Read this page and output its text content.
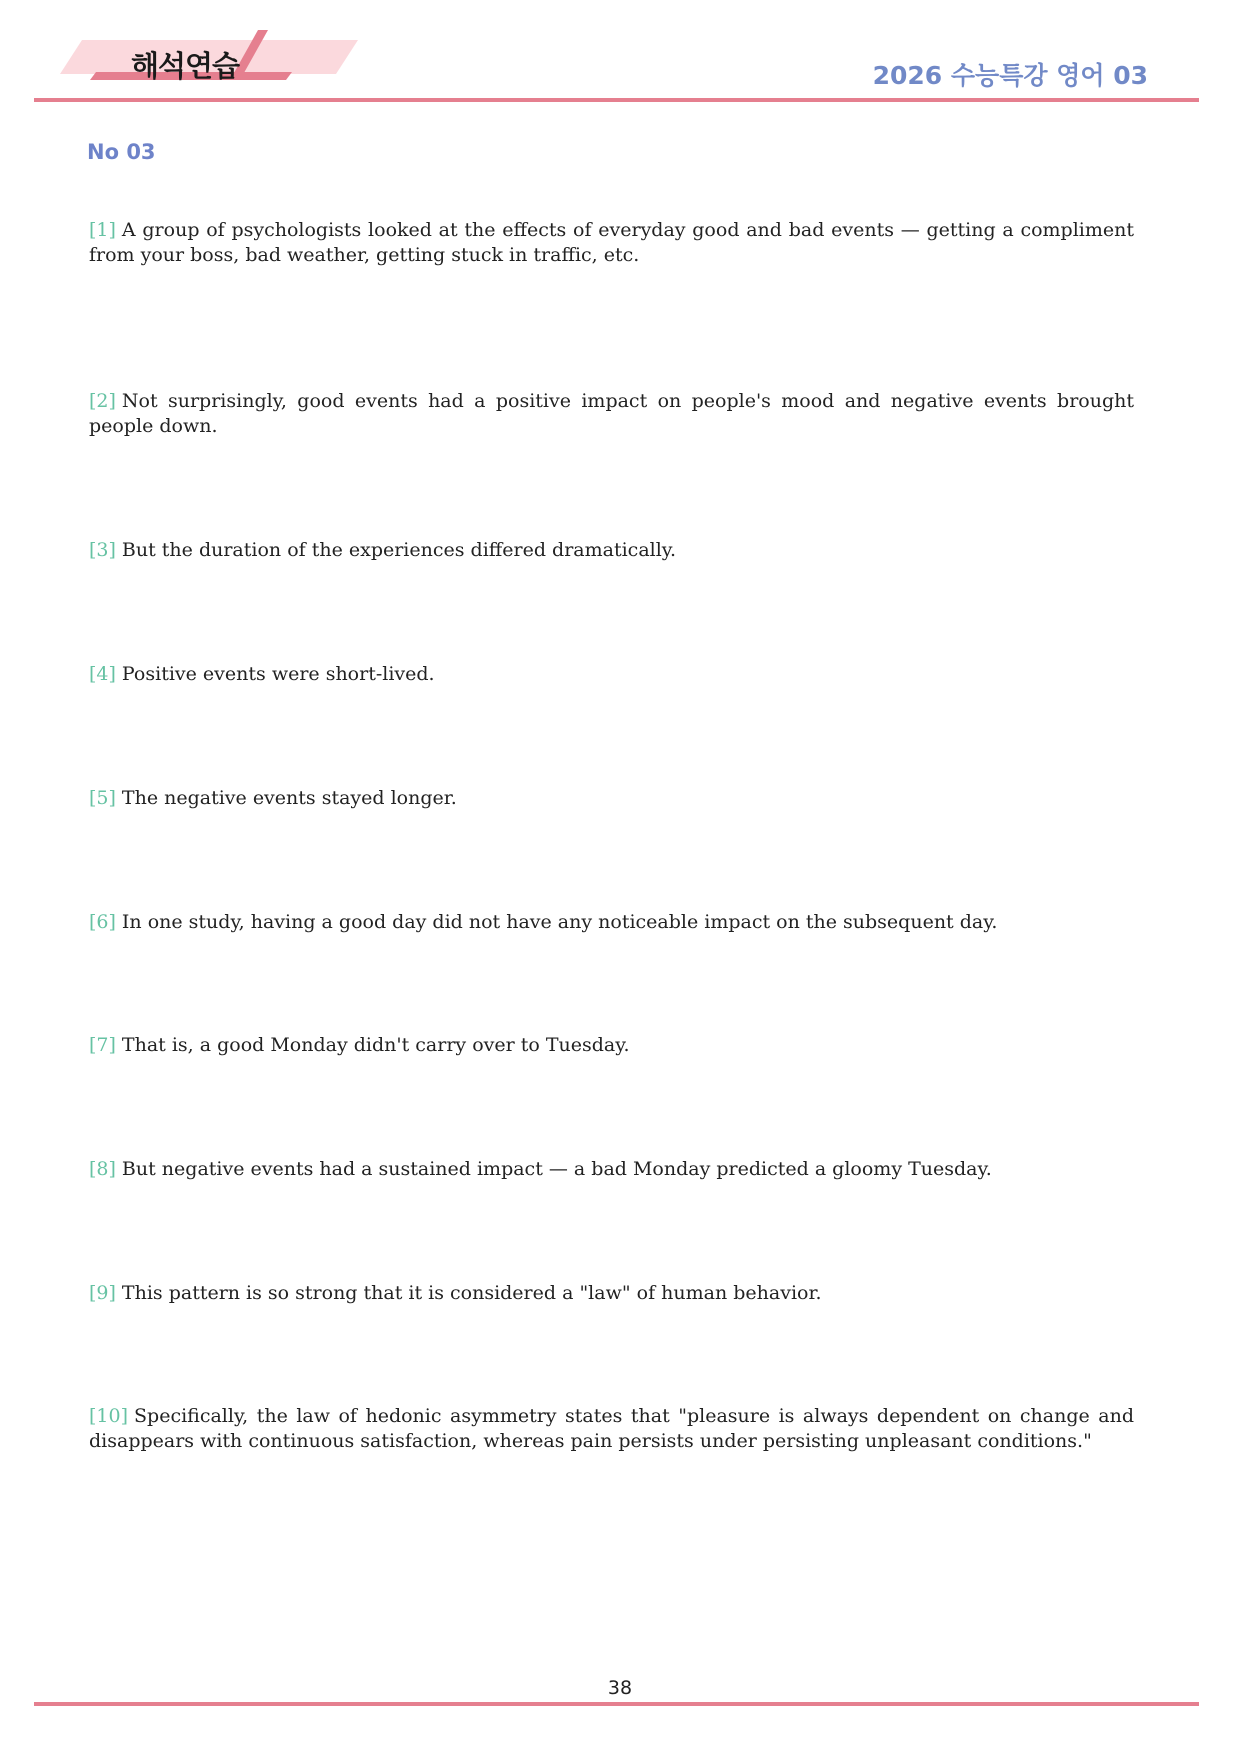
해석연습	2026 수능특강 영어 03
No 03
[1] A group of psychologists looked at the effects of everyday good and bad events — getting a compliment from your boss, bad weather, getting stuck in traffic, etc.
[2] Not surprisingly, good events had a positive impact on people's mood and negative events brought people down.
[3] But the duration of the experiences differed dramatically.
[4] Positive events were short-lived.
[5] The negative events stayed longer.
[6] In one study, having a good day did not have any noticeable impact on the subsequent day.
[7] That is, a good Monday didn't carry over to Tuesday.
[8] But negative events had a sustained impact — a bad Monday predicted a gloomy Tuesday.
[9] This pattern is so strong that it is considered a "law" of human behavior.
[10] Specifically, the law of hedonic asymmetry states that "pleasure is always dependent on change and disappears with continuous satisfaction, whereas pain persists under persisting unpleasant conditions."
38
